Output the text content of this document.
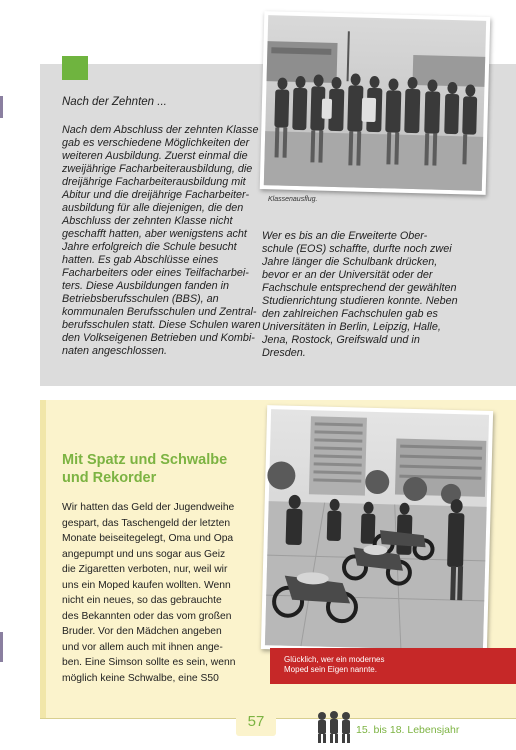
Nach der Zehnten ...

Nach dem Abschluss der zehnten Klasse
gab es verschiedene Möglichkeiten der
weiteren Ausbildung. Zuerst einmal die
zweijährige Facharbeiterausbildung, die
dreijährige Facharbeiterausbildung mit
Abitur und die dreijährige Facharbeiter-
ausbildung für alle diejenigen, die den
Abschluss der zehnten Klasse nicht
geschafft hatten, aber wenigstens acht
Jahre erfolgreich die Schule besucht
hatten. Es gab Abschlüsse eines
Facharbeiters oder eines Teilfacharbei-
ters. Diese Ausbildungen fanden in
Betriebsberufsschulen (BBS), an
kommunalen Berufsschulen und Zentral-
berufsschulen statt. Diese Schulen waren
den Volkseigenen Betrieben und Kombi-
naten angeschlossen.

Klassenausflug.

Wer es bis an die Erweiterte Ober-
schule (EOS) schaffte, durfte noch zwei
Jahre länger die Schulbank drücken,
bevor er an der Universität oder der
Fachschule entsprechend der gewählten
Studienrichtung studieren konnte. Neben
den zahlreichen Fachschulen gab es
Universitäten in Berlin, Leipzig, Halle,
Jena, Rostock, Greifswald und in
Dresden.

Mit Spatz und Schwalbe
und Rekorder

Wir hatten das Geld der Jugendweihe
gespart, das Taschengeld der letzten
Monate beiseitegelegt, Oma und Opa
angepumpt und uns sogar aus Geiz
die Zigaretten verboten, nur, weil wir
uns ein Moped kaufen wollten. Wenn
nicht ein neues, so das gebrauchte
des Bekannten oder das vom großen
Bruder. Vor den Mädchen angeben
und vor allem auch mit ihnen ange-
ben. Eine Simson sollte es sein, wenn
möglich keine Schwalbe, eine S50

Glücklich, wer ein modernes
Moped sein Eigen nannte.

57	15. bis 18. Lebensjahr
